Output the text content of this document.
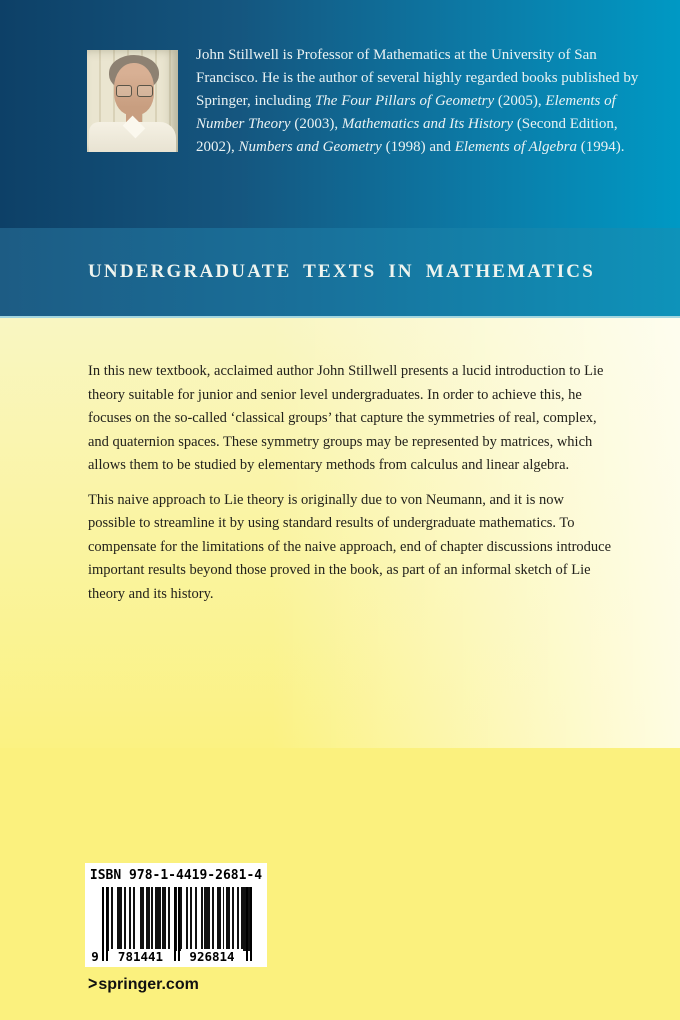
John Stillwell is Professor of Mathematics at the University of San Francisco. He is the author of several highly regarded books published by Springer, including The Four Pillars of Geometry (2005), Elements of Number Theory (2003), Mathematics and Its History (Second Edition, 2002), Numbers and Geometry (1998) and Elements of Algebra (1994).
UNDERGRADUATE TEXTS IN MATHEMATICS

In this new textbook, acclaimed author John Stillwell presents a lucid introduction to Lie theory suitable for junior and senior level undergraduates. In order to achieve this, he focuses on the so-called ‘classical groups’ that capture the symmetries of real, complex, and quaternion spaces. These symmetry groups may be represented by matrices, which allows them to be studied by elementary methods from calculus and linear algebra.

This naive approach to Lie theory is originally due to von Neumann, and it is now possible to streamline it by using standard results of undergraduate mathematics. To compensate for the limitations of the naive approach, end of chapter discussions introduce important results beyond those proved in the book, as part of an informal sketch of Lie theory and its history.

ISBN 978-1-4419-2681-4
9	781441	926814
> springer.com
